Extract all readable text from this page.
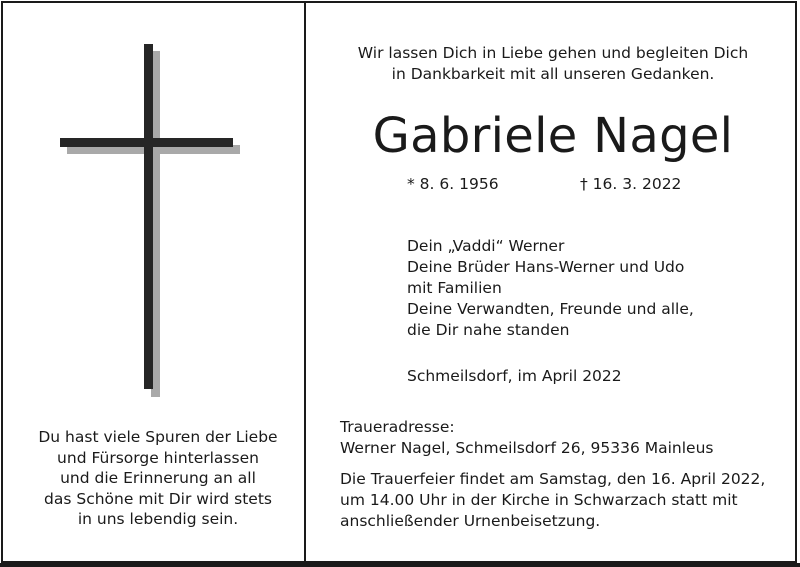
Du hast viele Spuren der Liebe
und Fürsorge hinterlassen
und die Erinnerung an all
das Schöne mit Dir wird stets
in uns lebendig sein.
Wir lassen Dich in Liebe gehen und begleiten Dich
in Dankbarkeit mit all unseren Gedanken.
Gabriele Nagel
* 8. 6. 1956	† 16. 3. 2022
Dein „Vaddi“ Werner
Deine Brüder Hans-Werner und Udo
mit Familien
Deine Verwandten, Freunde und alle,
die Dir nahe standen
Schmeilsdorf, im April 2022
Traueradresse:
Werner Nagel, Schmeilsdorf 26, 95336 Mainleus
Die Trauerfeier findet am Samstag, den 16. April 2022,
um 14.00 Uhr in der Kirche in Schwarzach statt mit
anschließender Urnenbeisetzung.
